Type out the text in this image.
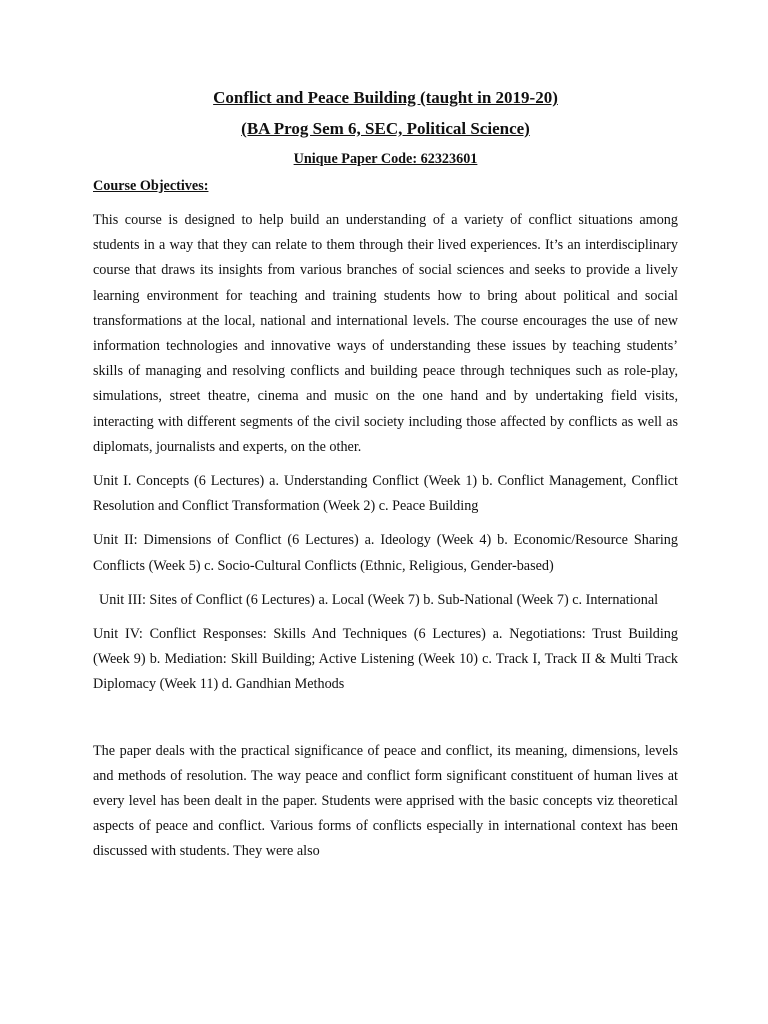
Conflict and Peace Building (taught in 2019-20)
(BA Prog Sem 6, SEC, Political Science)
Unique Paper Code: 62323601
Course Objectives:

This course is designed to help build an understanding of a variety of conflict situations among students in a way that they can relate to them through their lived experiences. It’s an interdisciplinary course that draws its insights from various branches of social sciences and seeks to provide a lively learning environment for teaching and training students how to bring about political and social transformations at the local, national and international levels. The course encourages the use of new information technologies and innovative ways of understanding these issues by teaching students’ skills of managing and resolving conflicts and building peace through techniques such as role-play, simulations, street theatre, cinema and music on the one hand and by undertaking field visits, interacting with different segments of the civil society including those affected by conflicts as well as diplomats, journalists and experts, on the other.

Unit I. Concepts (6 Lectures) a. Understanding Conflict (Week 1) b. Conflict Management, Conflict Resolution and Conflict Transformation (Week 2) c. Peace Building

Unit II: Dimensions of Conflict (6 Lectures) a. Ideology (Week 4) b. Economic/Resource Sharing Conflicts (Week 5) c. Socio-Cultural Conflicts (Ethnic, Religious, Gender-based)

Unit III: Sites of Conflict (6 Lectures) a. Local (Week 7) b. Sub-National (Week 7) c. International

Unit IV: Conflict Responses: Skills And Techniques (6 Lectures) a. Negotiations: Trust Building (Week 9) b. Mediation: Skill Building; Active Listening (Week 10) c. Track I, Track II & Multi Track Diplomacy (Week 11) d. Gandhian Methods

The paper deals with the practical significance of peace and conflict, its meaning, dimensions, levels and methods of resolution. The way peace and conflict form significant constituent of human lives at every level has been dealt in the paper. Students were apprised with the basic concepts viz theoretical aspects of peace and conflict. Various forms of conflicts especially in international context has been discussed with students. They were also
